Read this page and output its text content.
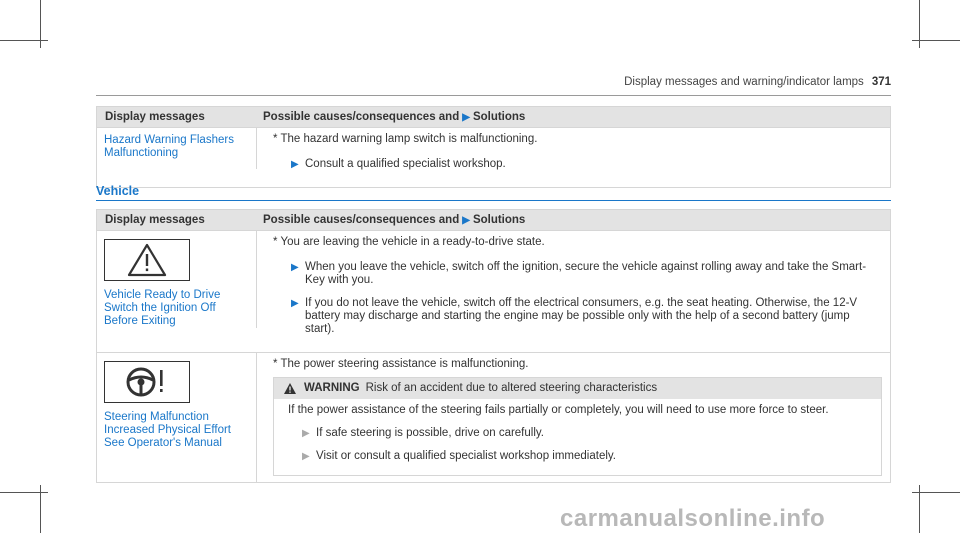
Display messages and warning/indicator lamps 371
Display messages	Possible causes/consequences and ▶ Solutions
Hazard Warning Flashers Malfunctioning
* The hazard warning lamp switch is malfunctioning.
▶ Consult a qualified specialist workshop.
Vehicle
Display messages	Possible causes/consequences and ▶ Solutions
Vehicle Ready to Drive Switch the Ignition Off Before Exiting
* You are leaving the vehicle in a ready-to-drive state.
▶ When you leave the vehicle, switch off the ignition, secure the vehicle against rolling away and take the Smart-Key with you.
▶ If you do not leave the vehicle, switch off the electrical consumers, e.g. the seat heating. Otherwise, the 12-V battery may discharge and starting the engine may be possible only with the help of a second battery (jump start).
Steering Malfunction Increased Physical Effort See Operator's Manual
* The power steering assistance is malfunctioning.
WARNING Risk of an accident due to altered steering characteristics
If the power assistance of the steering fails partially or completely, you will need to use more force to steer.
▶ If safe steering is possible, drive on carefully.
▶ Visit or consult a qualified specialist workshop immediately.
carmanualsonline.info
